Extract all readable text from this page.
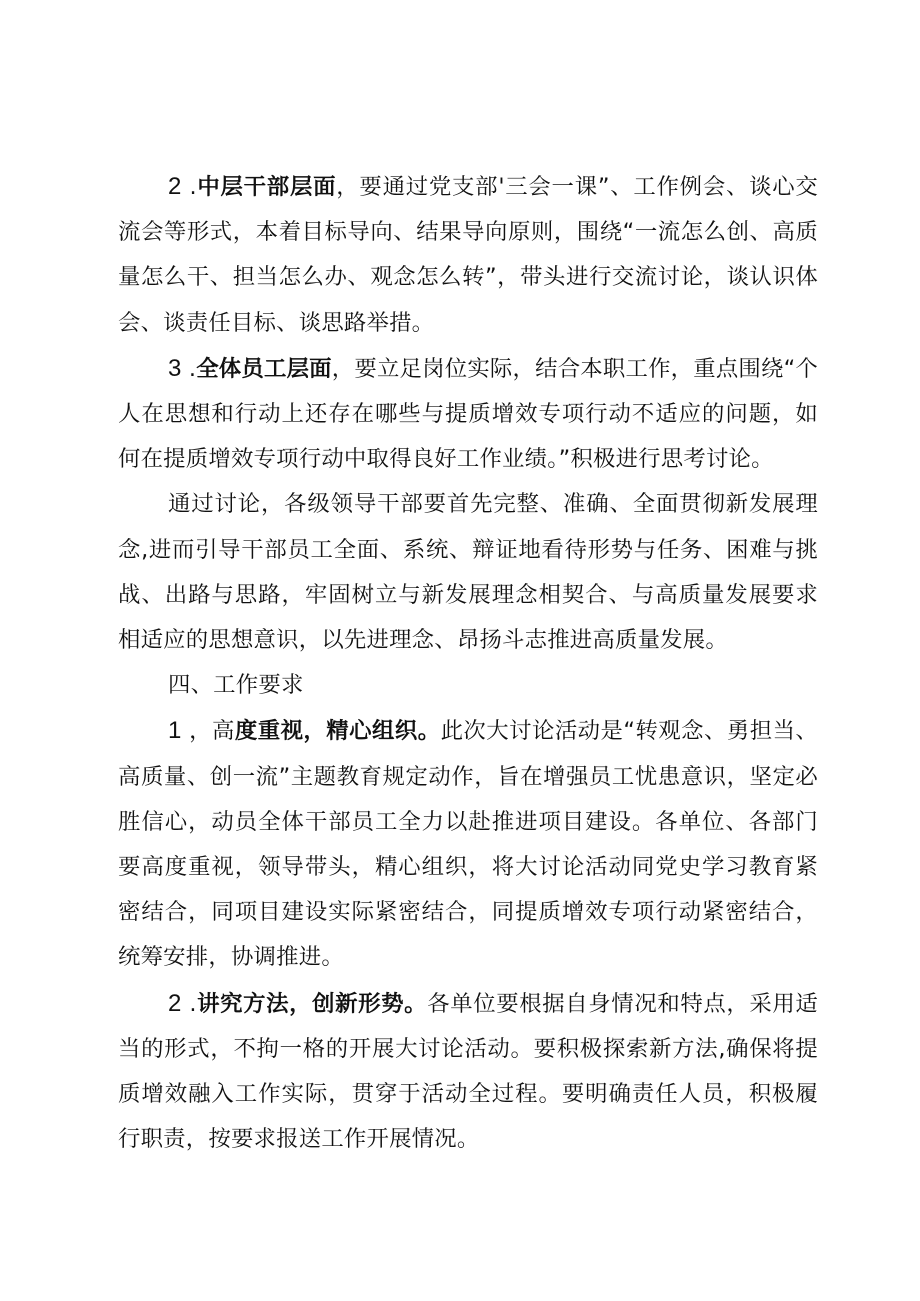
2 .中层干部层面，要通过党支部'三会一课”、工作例会、谈心交流会等形式，本着目标导向、结果导向原则，围绕“一流怎么创、高质量怎么干、担当怎么办、观念怎么转”，带头进行交流讨论，谈认识体会、谈责任目标、谈思路举措。

3 .全体员工层面，要立足岗位实际，结合本职工作，重点围绕“个人在思想和行动上还存在哪些与提质增效专项行动不适应的问题，如何在提质增效专项行动中取得良好工作业绩。”积极进行思考讨论。

通过讨论，各级领导干部要首先完整、准确、全面贯彻新发展理念,进而引导干部员工全面、系统、辩证地看待形势与任务、困难与挑战、出路与思路，牢固树立与新发展理念相契合、与高质量发展要求相适应的思想意识，以先进理念、昂扬斗志推进高质量发展。

四、工作要求

1 ，高度重视，精心组织。此次大讨论活动是“转观念、勇担当、高质量、创一流”主题教育规定动作，旨在增强员工忧患意识，坚定必胜信心，动员全体干部员工全力以赴推进项目建设。各单位、各部门要高度重视，领导带头，精心组织，将大讨论活动同党史学习教育紧密结合，同项目建设实际紧密结合，同提质增效专项行动紧密结合，统筹安排，协调推进。

2 .讲究方法，创新形势。各单位要根据自身情况和特点，采用适当的形式，不拘一格的开展大讨论活动。要积极探索新方法,确保将提质增效融入工作实际，贯穿于活动全过程。要明确责任人员，积极履行职责，按要求报送工作开展情况。
